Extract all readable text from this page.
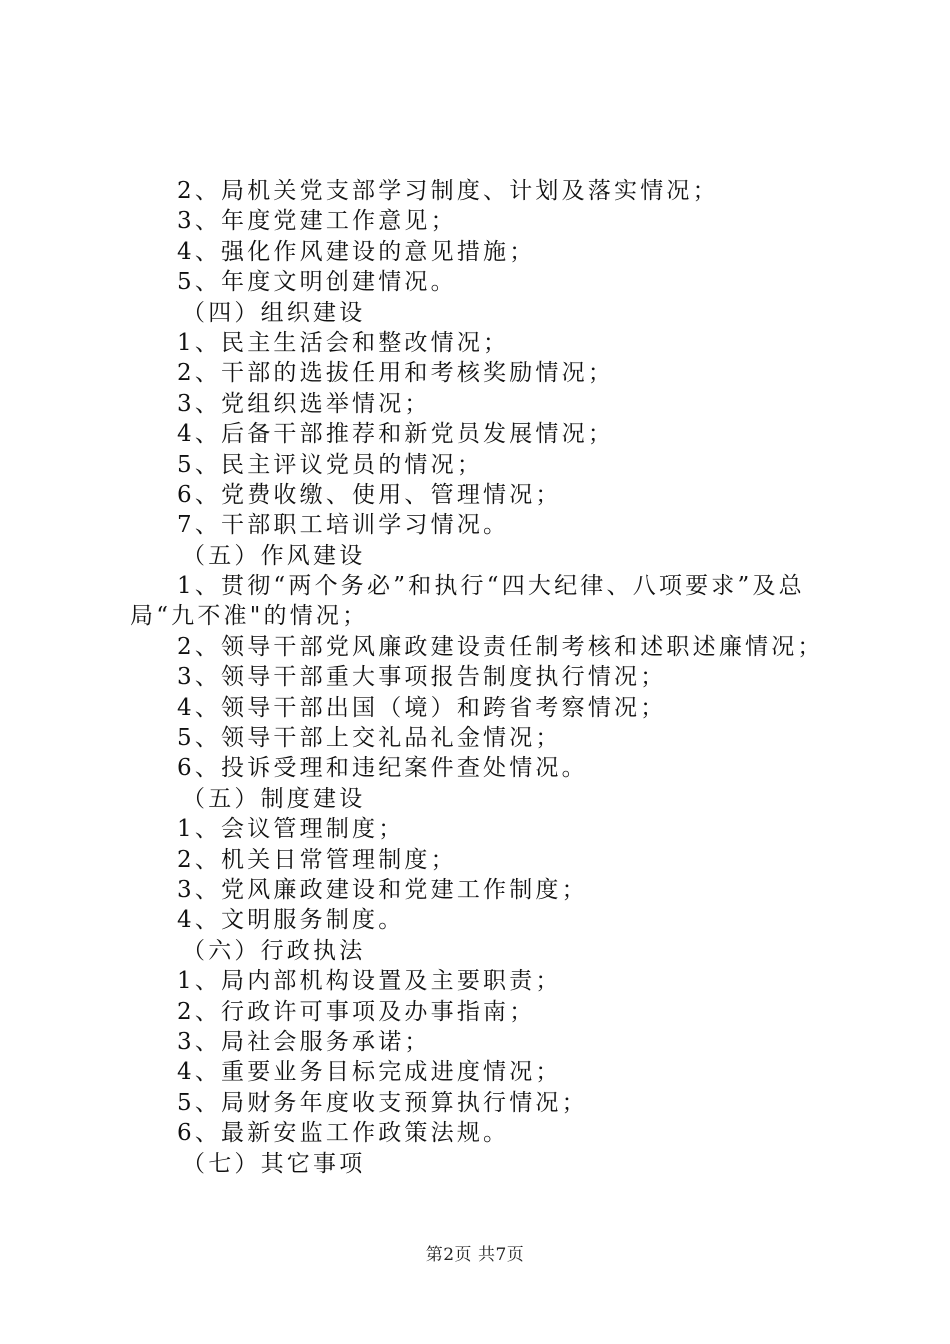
2、局机关党支部学习制度、计划及落实情况；
3、年度党建工作意见；
4、强化作风建设的意见措施；
5、年度文明创建情况。
（四）组织建设
1、民主生活会和整改情况；
2、干部的选拔任用和考核奖励情况；
3、党组织选举情况；
4、后备干部推荐和新党员发展情况；
5、民主评议党员的情况；
6、党费收缴、使用、管理情况；
7、干部职工培训学习情况。
（五）作风建设
1、贯彻“两个务必”和执行“四大纪律、八项要求”及总
局“九不准"的情况；
2、领导干部党风廉政建设责任制考核和述职述廉情况；
3、领导干部重大事项报告制度执行情况；
4、领导干部出国（境）和跨省考察情况；
5、领导干部上交礼品礼金情况；
6、投诉受理和违纪案件查处情况。
（五）制度建设
1、会议管理制度；
2、机关日常管理制度；
3、党风廉政建设和党建工作制度；
4、文明服务制度。
（六）行政执法
1、局内部机构设置及主要职责；
2、行政许可事项及办事指南；
3、局社会服务承诺；
4、重要业务目标完成进度情况；
5、局财务年度收支预算执行情况；
6、最新安监工作政策法规。
（七）其它事项
第2页 共7页
